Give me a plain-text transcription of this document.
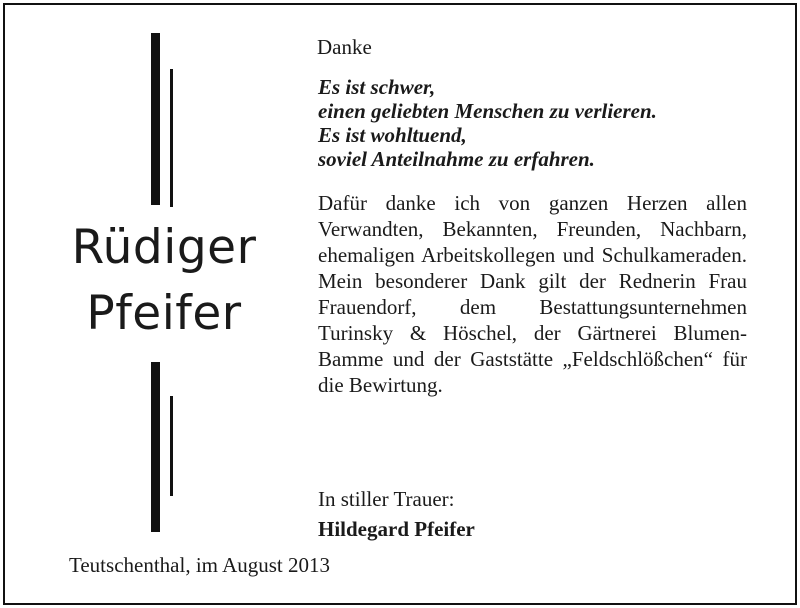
Rüdiger
Pfeifer
Danke
Es ist schwer,
einen geliebten Menschen zu verlieren.
Es ist wohltuend,
soviel Anteilnahme zu erfahren.
Dafür danke ich von ganzen Herzen allen Verwandten, Bekannten, Freunden, Nachbarn, ehemaligen Arbeitskollegen und Schulkameraden. Mein besonderer Dank gilt der Rednerin Frau Frauendorf, dem Bestattungsunternehmen Turinsky & Höschel, der Gärtnerei Blumen-Bamme und der Gaststätte „Feldschlößchen“ für die Bewirtung.
In stiller Trauer:
Hildegard Pfeifer
Teutschenthal, im August 2013
